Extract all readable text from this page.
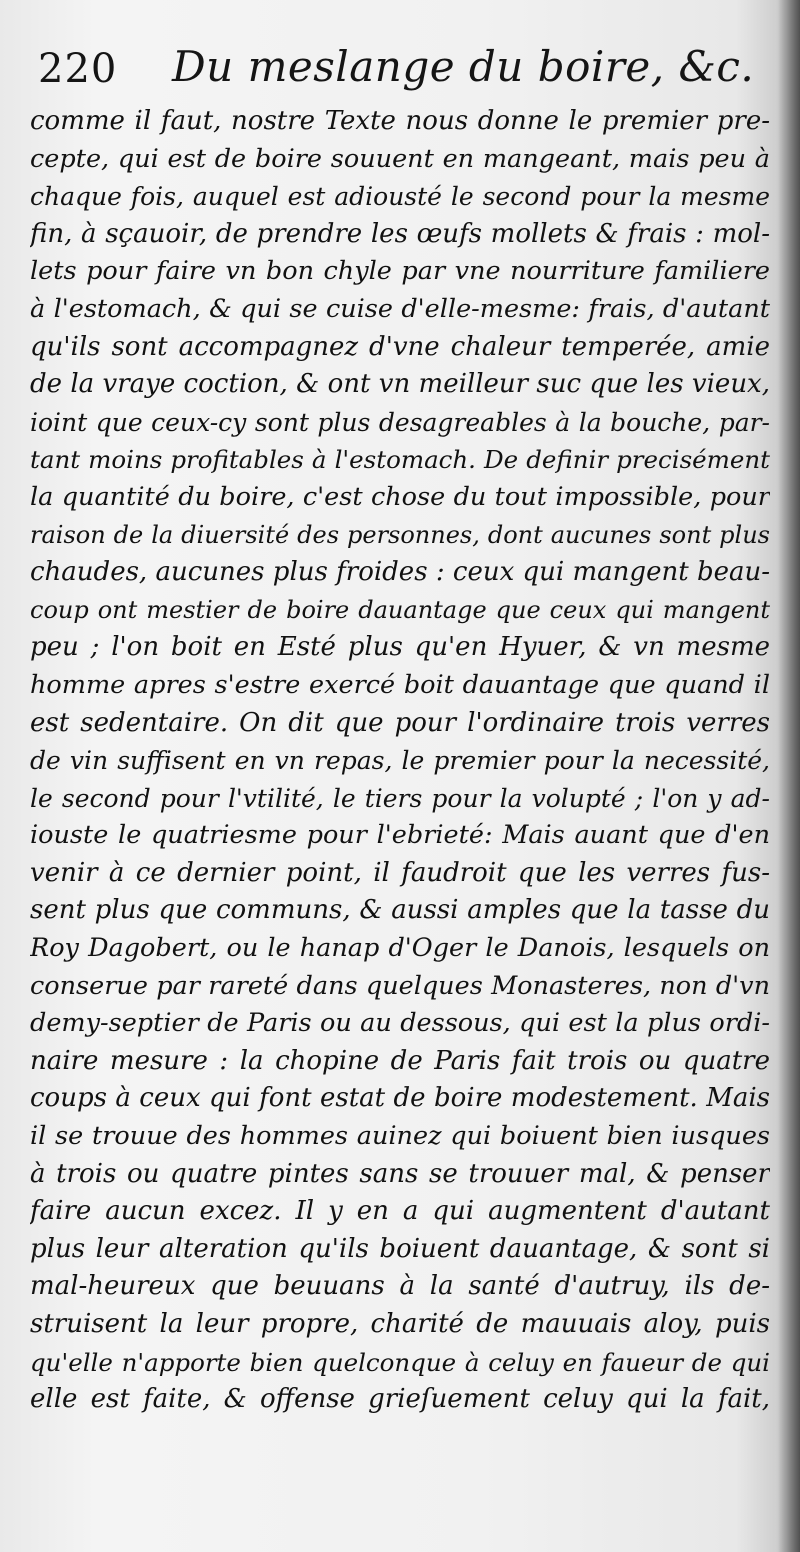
220 Du meslange du boire, &c.
comme il faut, nostre Texte nous donne le premier pre-
cepte, qui est de boire souuent en mangeant, mais peu à
chaque fois, auquel est adiousté le second pour la mesme
fin, à sçauoir, de prendre les œufs mollets & frais : mol-
lets pour faire vn bon chyle par vne nourriture familiere
à l'estomach, & qui se cuise d'elle-mesme: frais, d'autant
qu'ils sont accompagnez d'vne chaleur temperée, amie
de la vraye coction, & ont vn meilleur suc que les vieux,
ioint que ceux-cy sont plus desagreables à la bouche, par-
tant moins profitables à l'estomach. De definir precisément
la quantité du boire, c'est chose du tout impossible, pour
raison de la diuersité des personnes, dont aucunes sont plus
chaudes, aucunes plus froides : ceux qui mangent beau-
coup ont mestier de boire dauantage que ceux qui mangent
peu ; l'on boit en Esté plus qu'en Hyuer, & vn mesme
homme apres s'estre exercé boit dauantage que quand il
est sedentaire. On dit que pour l'ordinaire trois verres
de vin suffisent en vn repas, le premier pour la necessité,
le second pour l'vtilité, le tiers pour la volupté ; l'on y ad-
iouste le quatriesme pour l'ebrieté: Mais auant que d'en
venir à ce dernier point, il faudroit que les verres fus-
sent plus que communs, & aussi amples que la tasse du
Roy Dagobert, ou le hanap d'Oger le Danois, lesquels on
conserue par rareté dans quelques Monasteres, non d'vn
demy-septier de Paris ou au dessous, qui est la plus ordi-
naire mesure : la chopine de Paris fait trois ou quatre
coups à ceux qui font estat de boire modestement. Mais
il se trouue des hommes auinez qui boiuent bien iusques
à trois ou quatre pintes sans se trouuer mal, & penser
faire aucun excez. Il y en a qui augmentent d'autant
plus leur alteration qu'ils boiuent dauantage, & sont si
mal-heureux que beuuans à la santé d'autruy, ils de-
struisent la leur propre, charité de mauuais aloy, puis
qu'elle n'apporte bien quelconque à celuy en faueur de qui
elle est faite, & offense grieſuement celuy qui la fait,
